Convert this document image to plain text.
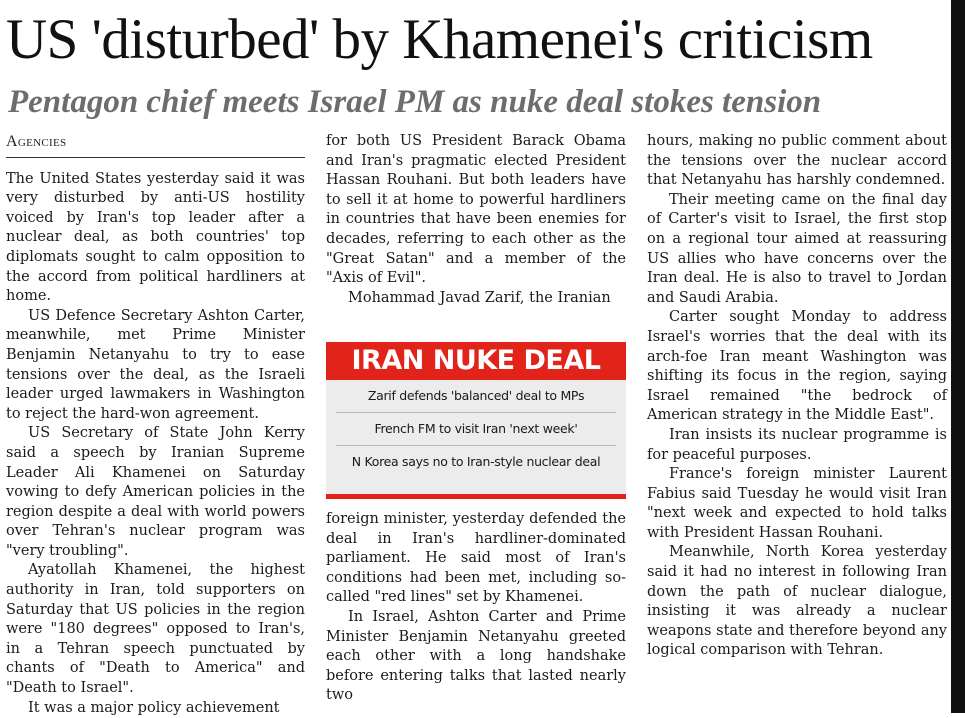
US 'disturbed' by Khamenei's criticism
Pentagon chief meets Israel PM as nuke deal stokes tension
Agencies

The United States yesterday said it was very disturbed by anti-US hostility voiced by Iran's top leader after a nuclear deal, as both countries' top diplomats sought to calm opposition to the accord from political hardliners at home.

US Defence Secretary Ashton Carter, meanwhile, met Prime Minister Benjamin Netanyahu to try to ease tensions over the deal, as the Israeli leader urged lawmakers in Washington to reject the hard-won agreement.

US Secretary of State John Kerry said a speech by Iranian Supreme Leader Ali Khamenei on Saturday vowing to defy American policies in the region despite a deal with world powers over Tehran's nuclear program was "very troubling".

Ayatollah Khamenei, the highest authority in Iran, told supporters on Saturday that US policies in the region were "180 degrees" opposed to Iran's, in a Tehran speech punctuated by chants of "Death to America" and "Death to Israel".

It was a major policy achievement

for both US President Barack Obama and Iran's pragmatic elected President Hassan Rouhani. But both leaders have to sell it at home to powerful hardliners in countries that have been enemies for decades, referring to each other as the "Great Satan" and a member of the "Axis of Evil".

Mohammad Javad Zarif, the Iranian

foreign minister, yesterday defended the deal in Iran's hardliner-dominated parliament. He said most of Iran's conditions had been met, including so-called "red lines" set by Khamenei.

In Israel, Ashton Carter and Prime Minister Benjamin Netanyahu greeted each other with a long handshake before entering talks that lasted nearly two

IRAN NUKE DEAL
Zarif defends 'balanced' deal to MPs
French FM to visit Iran 'next week'
N Korea says no to Iran-style nuclear deal

hours, making no public comment about the tensions over the nuclear accord that Netanyahu has harshly condemned.

Their meeting came on the final day of Carter's visit to Israel, the first stop on a regional tour aimed at reassuring US allies who have concerns over the Iran deal. He is also to travel to Jordan and Saudi Arabia.

Carter sought Monday to address Israel's worries that the deal with its arch-foe Iran meant Washington was shifting its focus in the region, saying Israel remained "the bedrock of American strategy in the Middle East".

Iran insists its nuclear programme is for peaceful purposes.

France's foreign minister Laurent Fabius said Tuesday he would visit Iran "next week and expected to hold talks with President Hassan Rouhani.

Meanwhile, North Korea yesterday said it had no interest in following Iran down the path of nuclear dialogue, insisting it was already a nuclear weapons state and therefore beyond any logical comparison with Tehran.
